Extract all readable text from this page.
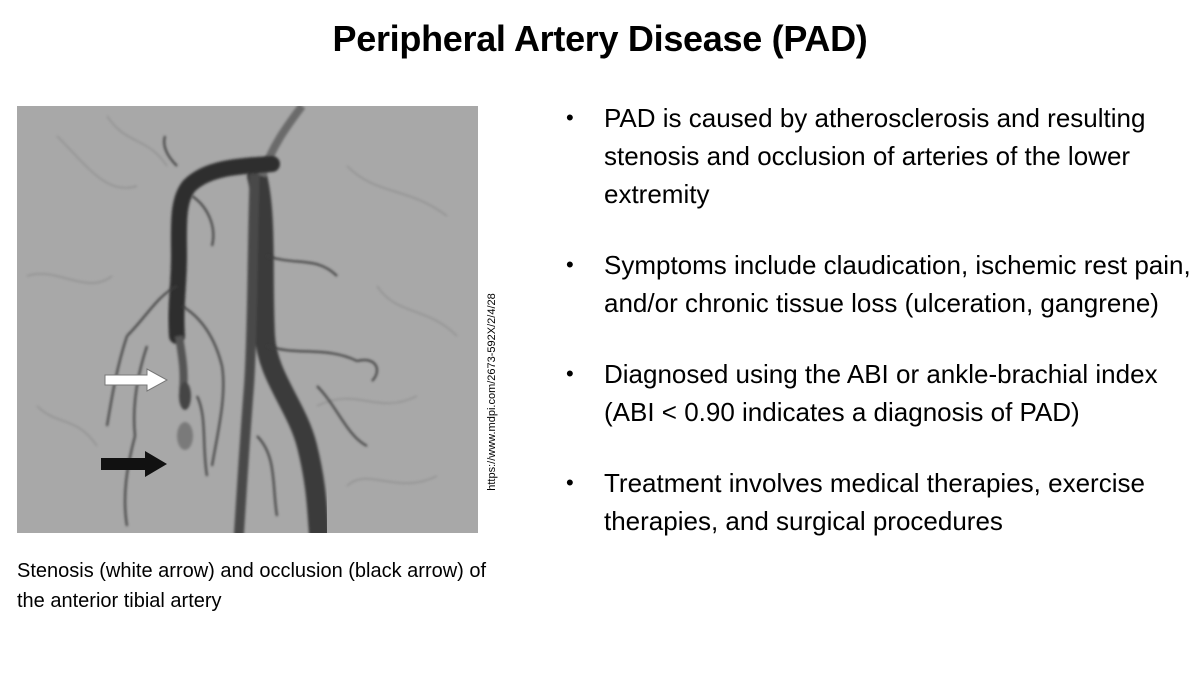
Peripheral Artery Disease (PAD)
https://www.mdpi.com/2673-592X/2/4/28
Stenosis (white arrow) and occlusion (black arrow) of the anterior tibial artery
• PAD is caused by atherosclerosis and resulting stenosis and occlusion of arteries of the lower extremity
• Symptoms include claudication, ischemic rest pain, and/or chronic tissue loss (ulceration, gangrene)
• Diagnosed using the ABI or ankle-brachial index (ABI < 0.90 indicates a diagnosis of PAD)
• Treatment involves medical therapies, exercise therapies, and surgical procedures
